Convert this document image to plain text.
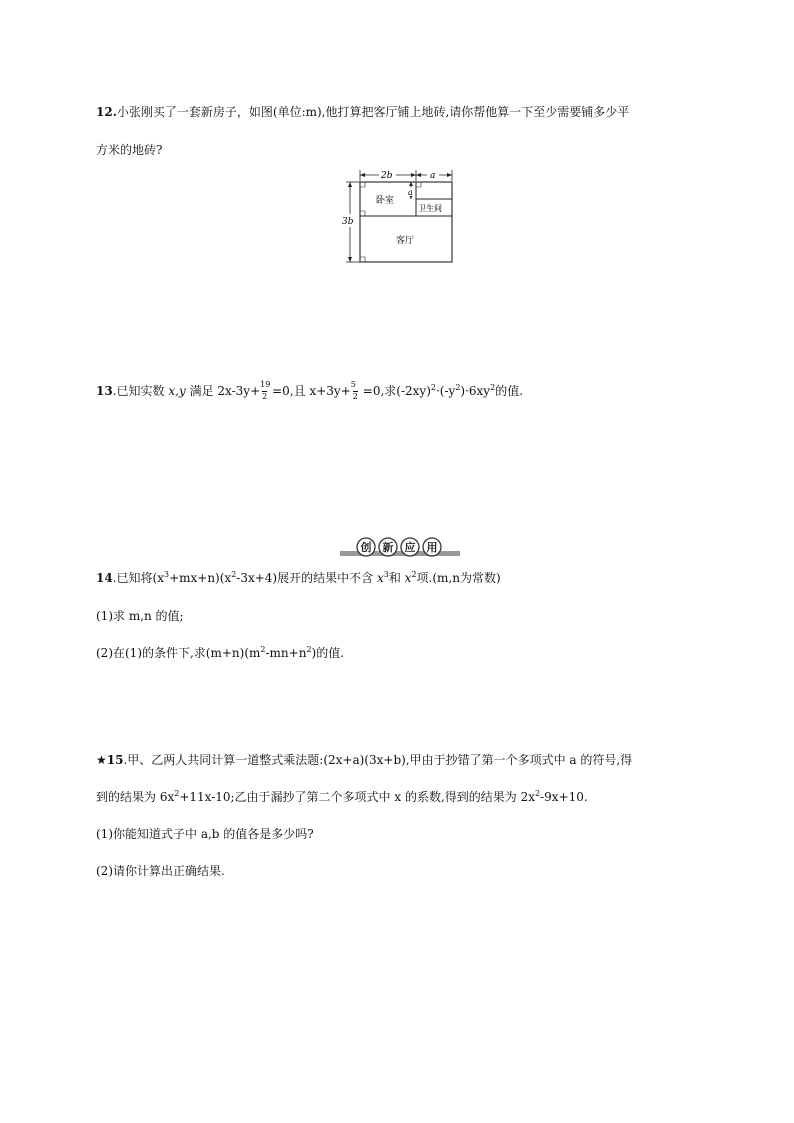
12.小张刚买了一套新房子，如图(单位:m),他打算把客厅铺上地砖,请你帮他算一下至少需要铺多少平
方米的地砖?
2b	a
3b
a
卧室
卫生间
客厅
13.已知实数 x,y 满足 $2x-3y+ \frac{19}{2} =0$,且 $x+3y+ \frac{5}{2} =0$,求$(-2xy)^2\cdot(-y^2)\cdot 6xy^2$的值.
创 新 应 用
14.已知将$(x^3+mx+n)(x^2-3x+4)$展开的结果中不含 $x^3$和 $x^2$项.(m,n为常数)
(1)求 m,n 的值;
(2)在(1)的条件下,求$(m+n)(m^2-mn+n^2)$的值.
★15.甲、乙两人共同计算一道整式乘法题:(2x+a)(3x+b),甲由于抄错了第一个多项式中 a 的符号,得
到的结果为 $6x^2+11x-10$;乙由于漏抄了第二个多项式中 x 的系数,得到的结果为 $2x^2-9x+10$.
(1)你能知道式子中 a,b 的值各是多少吗?
(2)请你计算出正确结果.
